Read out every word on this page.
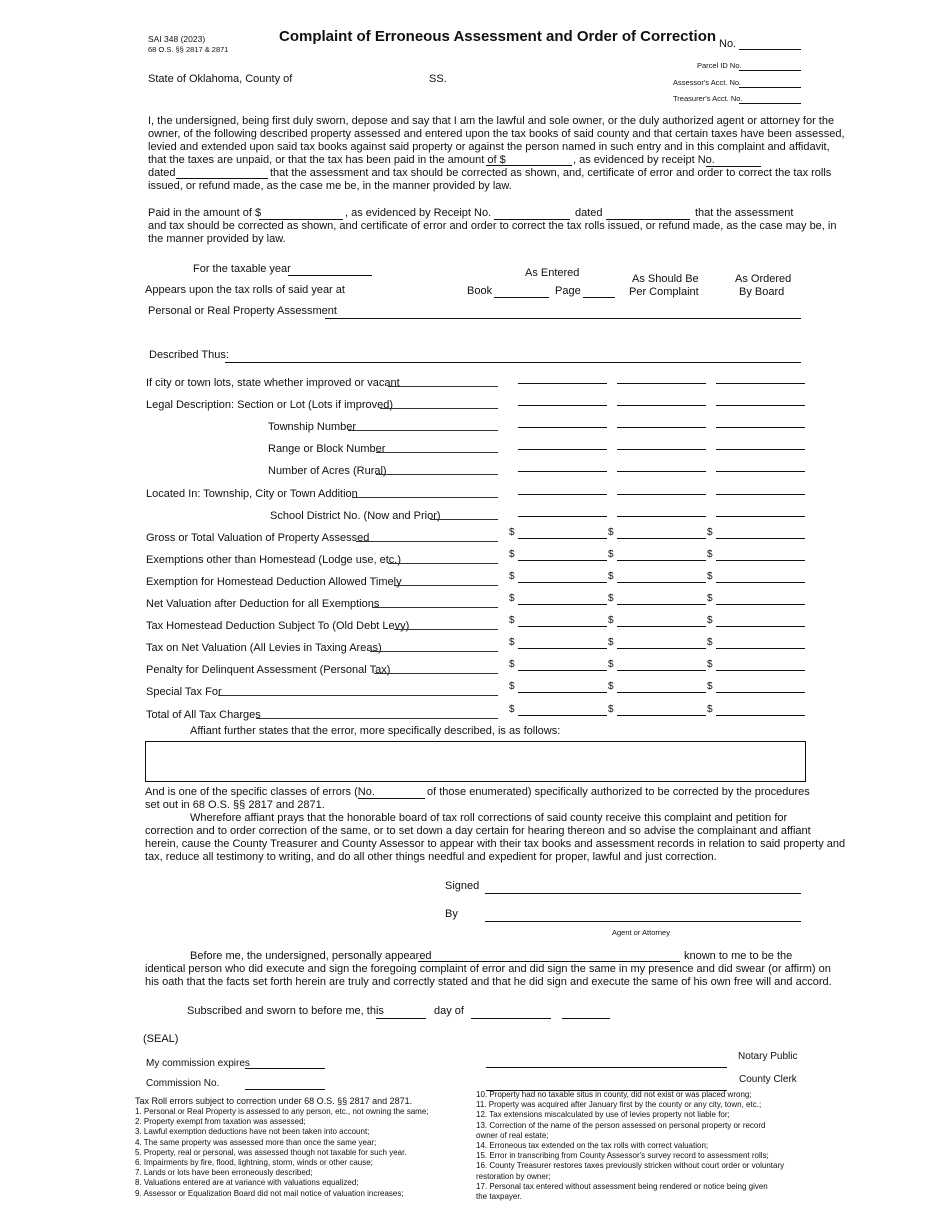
SAI 348 (2023)
68 O.S. §§ 2817 & 2871
Complaint of Erroneous Assessment and Order of Correction No.
State of Oklahoma, County of	SS.
Parcel ID No.
Assessor's Acct. No.
Treasurer's Acct. No.
I, the undersigned, being first duly sworn, depose and say that I am the lawful and sole owner, or the duly authorized agent or attorney for the
owner, of the following described property assessed and entered upon the tax books of said county and that certain taxes have been assessed,
levied and extended upon said tax books against said property or against the person named in such entry and in this complaint and affidavit,
that the taxes are unpaid, or that the tax has been paid in the amount of $	, as evidenced by receipt No.
dated	that the assessment and tax should be corrected as shown, and, certificate of error and order to correct the tax rolls
issued, or refund made, as the case me be, in the manner provided by law.
Paid in the amount of $	, as evidenced by Receipt No.	dated	that the assessment
and tax should be corrected as shown, and certificate of error and order to correct the tax rolls issued, or refund made, as the case may be, in
the manner provided by law.
For the taxable year	As Entered	As Should Be
Per Complaint
As Ordered
By Board
Appears upon the tax rolls of said year at	Book	Page
Personal or Real Property Assessment
Described Thus:
If city or town lots, state whether improved or vacant
Legal Description: Section or Lot (Lots if improved)
Township Number
Range or Block Number
Number of Acres (Rural)
Located In: Township, City or Town Addition
School District No. (Now and Prior)
Gross or Total Valuation of Property Assessed	$	$	$
Exemptions other than Homestead (Lodge use, etc.)	$	$	$
Exemption for Homestead Deduction Allowed Timely	$	$	$
Net Valuation after Deduction for all Exemptions	$	$	$
Tax Homestead Deduction Subject To (Old Debt Levy)	$	$	$
Tax on Net Valuation (All Levies in Taxing Areas)	$	$	$
Penalty for Delinquent Assessment (Personal Tax)	$	$	$
Special Tax For	$	$	$
Total of All Tax Charges	$	$	$
Affiant further states that the error, more specifically described, is as follows:
And is one of the specific classes of errors (No.	of those enumerated) specifically authorized to be corrected by the procedures
set out in 68 O.S. §§ 2817 and 2871.
Wherefore affiant prays that the honorable board of tax roll corrections of said county receive this complaint and petition for
correction and to order correction of the same, or to set down a day certain for hearing thereon and so advise the complainant and affiant
herein, cause the County Treasurer and County Assessor to appear with their tax books and assessment records in relation to said property and
tax, reduce all testimony to writing, and do all other things needful and expedient for proper, lawful and just correction.
Signed
By
Agent or Attorney
Before me, the undersigned, personally appeared	known to me to be the
identical person who did execute and sign the foregoing complaint of error and did sign the same in my presence and did swear (or affirm) on
his oath that the facts set forth herein are truly and correctly stated and that he did sign and execute the same of his own free will and accord.
Subscribed and sworn to before me, this	day of
(SEAL)
My commission expires
Commission No.
Notary Public
County Clerk
Tax Roll errors subject to correction under 68 O.S. §§ 2817 and 2871.
1. Personal or Real Property is assessed to any person, etc., not owning the same;
2. Property exempt from taxation was assessed;
3. Lawful exemption deductions have not been taken into account;
4. The same property was assessed more than once the same year;
5. Property, real or personal, was assessed though not taxable for such year.
6. Impairments by fire, flood, lightning, storm, winds or other cause;
7. Lands or lots have been erroneously described;
8. Valuations entered are at variance with valuations equalized;
9. Assessor or Equalization Board did not mail notice of valuation increases;
10. Property had no taxable situs in county, did not exist or was placed wrong;
11. Property was acquired after January first by the county or any city, town, etc.;
12. Tax extensions miscalculated by use of levies property not liable for;
13. Correction of the name of the person assessed on personal property or record
owner of real estate;
14. Erroneous tax extended on the tax rolls with correct valuation;
15. Error in transcribing from County Assessor's survey record to assessment rolls;
16. County Treasurer restores taxes previously stricken without court order or voluntary
restoration by owner;
17. Personal tax entered without assessment being rendered or notice being given
the taxpayer.
